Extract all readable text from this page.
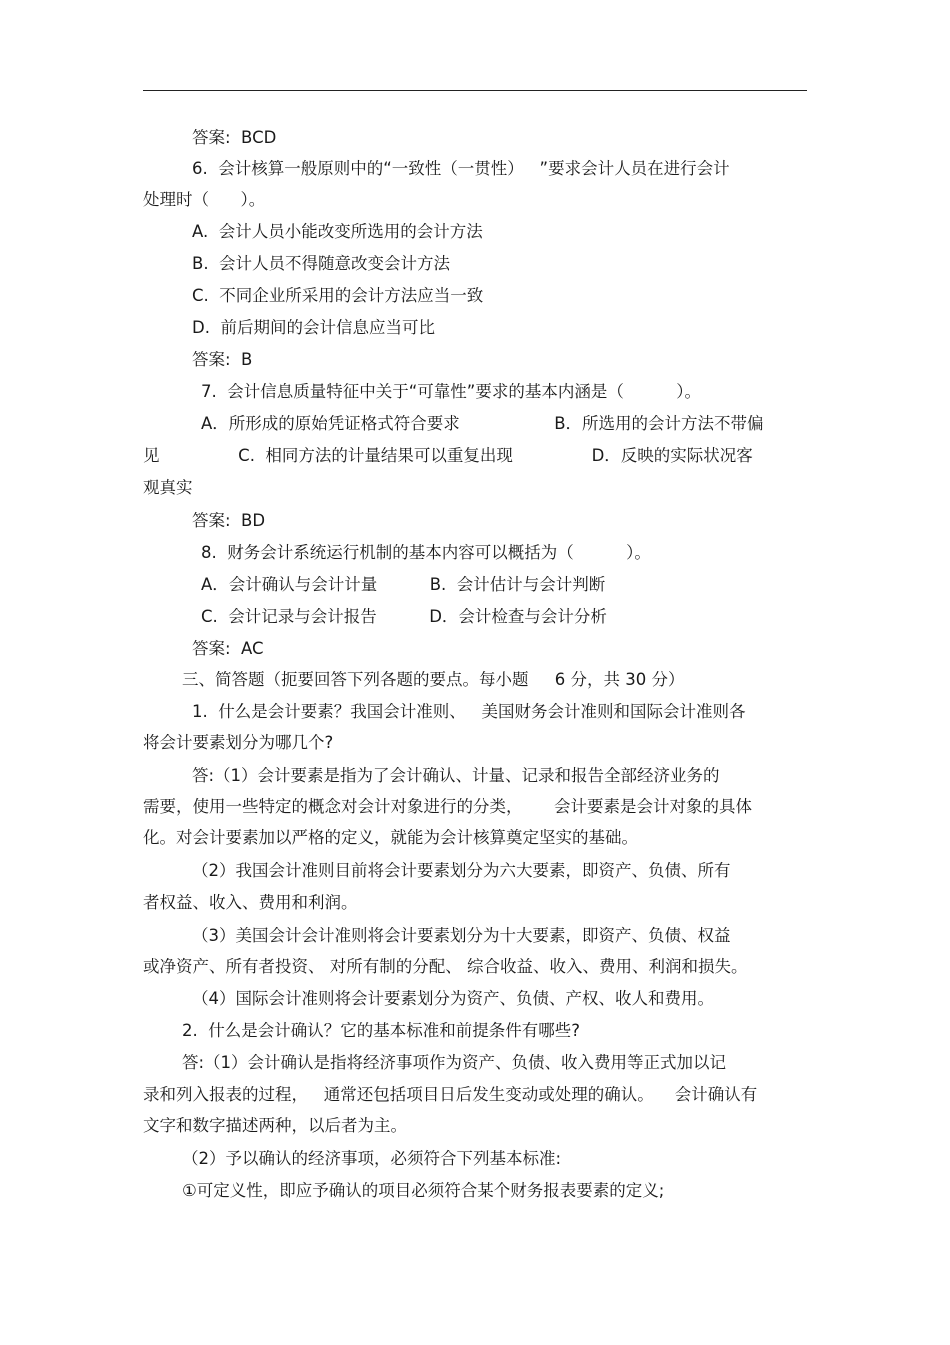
答案:  BCD

6.  会计核算一般原则中的“一致性（一贯性）   ”要求会计人员在进行会计

处理时（      ）。

A.  会计人员小能改变所选用的会计方法

B.  会计人员不得随意改变会计方法

C.  不同企业所采用的会计方法应当一致

D.  前后期间的会计信息应当可比

答案:  B

7.  会计信息质量特征中关于“可靠性”要求的基本内涵是（          ）。

A．所形成的原始凭证格式符合要求                  B．所选用的会计方法不带偏

见               C.  相同方法的计量结果可以重复出现               D．反映的实际状况客

观真实

答案:  BD

8.  财务会计系统运行机制的基本内容可以概括为（          ）。

A．会计确认与会计计量          B.  会计估计与会计判断

C.  会计记录与会计报告          D．会计检查与会计分析

答案:  AC

三、简答题（扼要回答下列各题的要点。每小题     6 分，共 30 分）

1.  什么是会计要素？我国会计准则、   美国财务会计准则和国际会计准则各

将会计要素划分为哪几个?

答:（1）会计要素是指为了会计确认、计量、记录和报告全部经济业务的

需要，使用一些特定的概念对会计对象进行的分类，      会计要素是会计对象的具体

化。对会计要素加以严格的定义，就能为会计核算奠定坚实的基础。

（2）我国会计准则目前将会计要素划分为六大要素，即资产、负债、所有

者权益、收入、费用和利润。

（3）美国会计会计准则将会计要素划分为十大要素，即资产、负债、权益

或净资产、所有者投资、 对所有制的分配、 综合收益、收入、费用、利润和损失。

（4）国际会计准则将会计要素划分为资产、负债、产权、收人和费用。

2.  什么是会计确认？它的基本标准和前提条件有哪些?

答:（1）会计确认是指将经济事项作为资产、负债、收入费用等正式加以记

录和列入报表的过程，   通常还包括项目日后发生变动或处理的确认。    会计确认有

文字和数字描述两种，以后者为主。

（2）予以确认的经济事项，必须符合下列基本标准:

①可定义性，即应予确认的项目必须符合某个财务报表要素的定义;
